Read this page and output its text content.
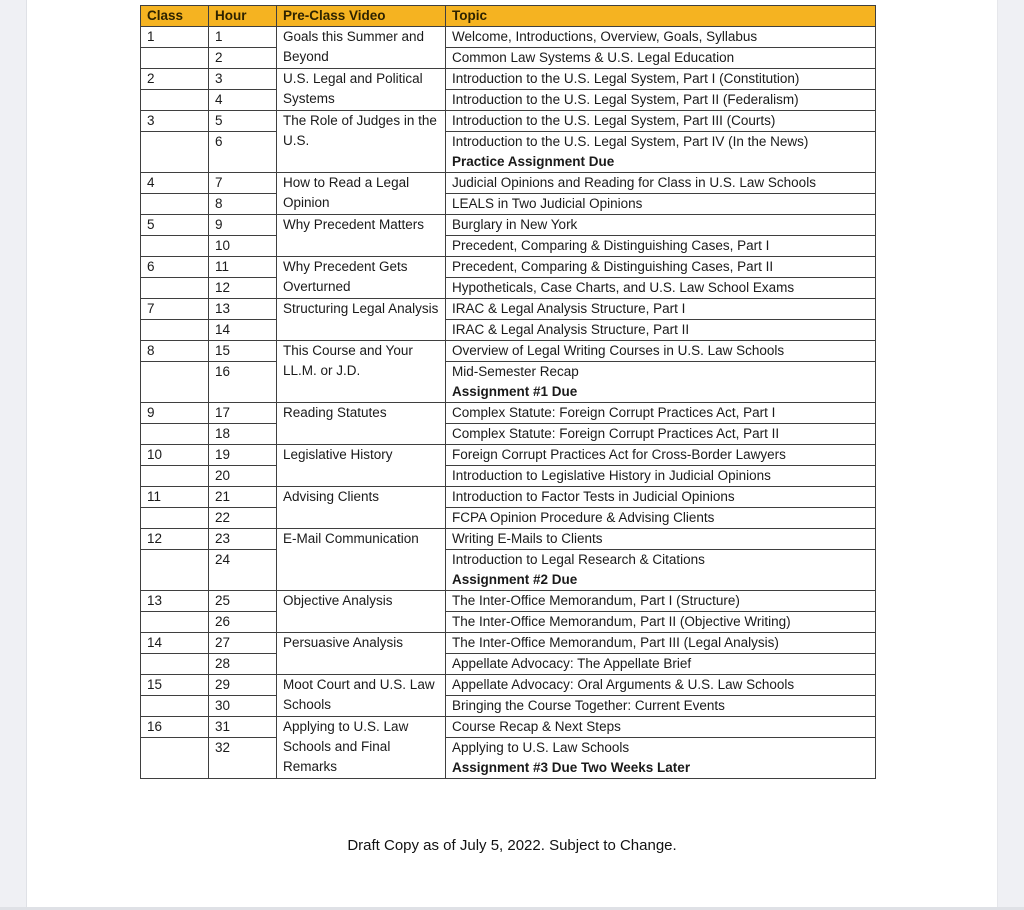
Class	Hour	Pre-Class Video	Topic
1	1	Goals this Summer and Beyond	Welcome, Introductions, Overview, Goals, Syllabus

	2		Common Law Systems & U.S. Legal Education

2	3	U.S. Legal and Political Systems	Introduction to the U.S. Legal System, Part I (Constitution)

	4		Introduction to the U.S. Legal System, Part II (Federalism)

3	5	The Role of Judges in the U.S.	Introduction to the U.S. Legal System, Part III (Courts)

	6		Introduction to the U.S. Legal System, Part IV (In the News)
Practice Assignment Due

4	7	How to Read a Legal Opinion	Judicial Opinions and Reading for Class in U.S. Law Schools

	8		LEALS in Two Judicial Opinions

5	9	Why Precedent Matters	Burglary in New York

	10		Precedent, Comparing & Distinguishing Cases, Part I

6	11	Why Precedent Gets Overturned	Precedent, Comparing & Distinguishing Cases, Part II

	12		Hypotheticals, Case Charts, and U.S. Law School Exams

7	13	Structuring Legal Analysis	IRAC & Legal Analysis Structure, Part I

	14		IRAC & Legal Analysis Structure, Part II

8	15	This Course and Your LL.M. or J.D.	Overview of Legal Writing Courses in U.S. Law Schools

	16		Mid-Semester Recap
Assignment #1 Due

9	17	Reading Statutes	Complex Statute: Foreign Corrupt Practices Act, Part I

	18		Complex Statute: Foreign Corrupt Practices Act, Part II

10	19	Legislative History	Foreign Corrupt Practices Act for Cross-Border Lawyers

	20		Introduction to Legislative History in Judicial Opinions

11	21	Advising Clients	Introduction to Factor Tests in Judicial Opinions

	22		FCPA Opinion Procedure & Advising Clients

12	23	E-Mail Communication	Writing E-Mails to Clients

	24		Introduction to Legal Research & Citations
Assignment #2 Due

13	25	Objective Analysis	The Inter-Office Memorandum, Part I (Structure)

	26		The Inter-Office Memorandum, Part II (Objective Writing)

14	27	Persuasive Analysis	The Inter-Office Memorandum, Part III (Legal Analysis)

	28		Appellate Advocacy: The Appellate Brief

15	29	Moot Court and U.S. Law Schools	Appellate Advocacy: Oral Arguments & U.S. Law Schools

	30		Bringing the Course Together: Current Events

16	31	Applying to U.S. Law Schools and Final Remarks	Course Recap & Next Steps

	32		Applying to U.S. Law Schools
Assignment #3 Due Two Weeks Later
Draft Copy as of July 5, 2022. Subject to Change.
